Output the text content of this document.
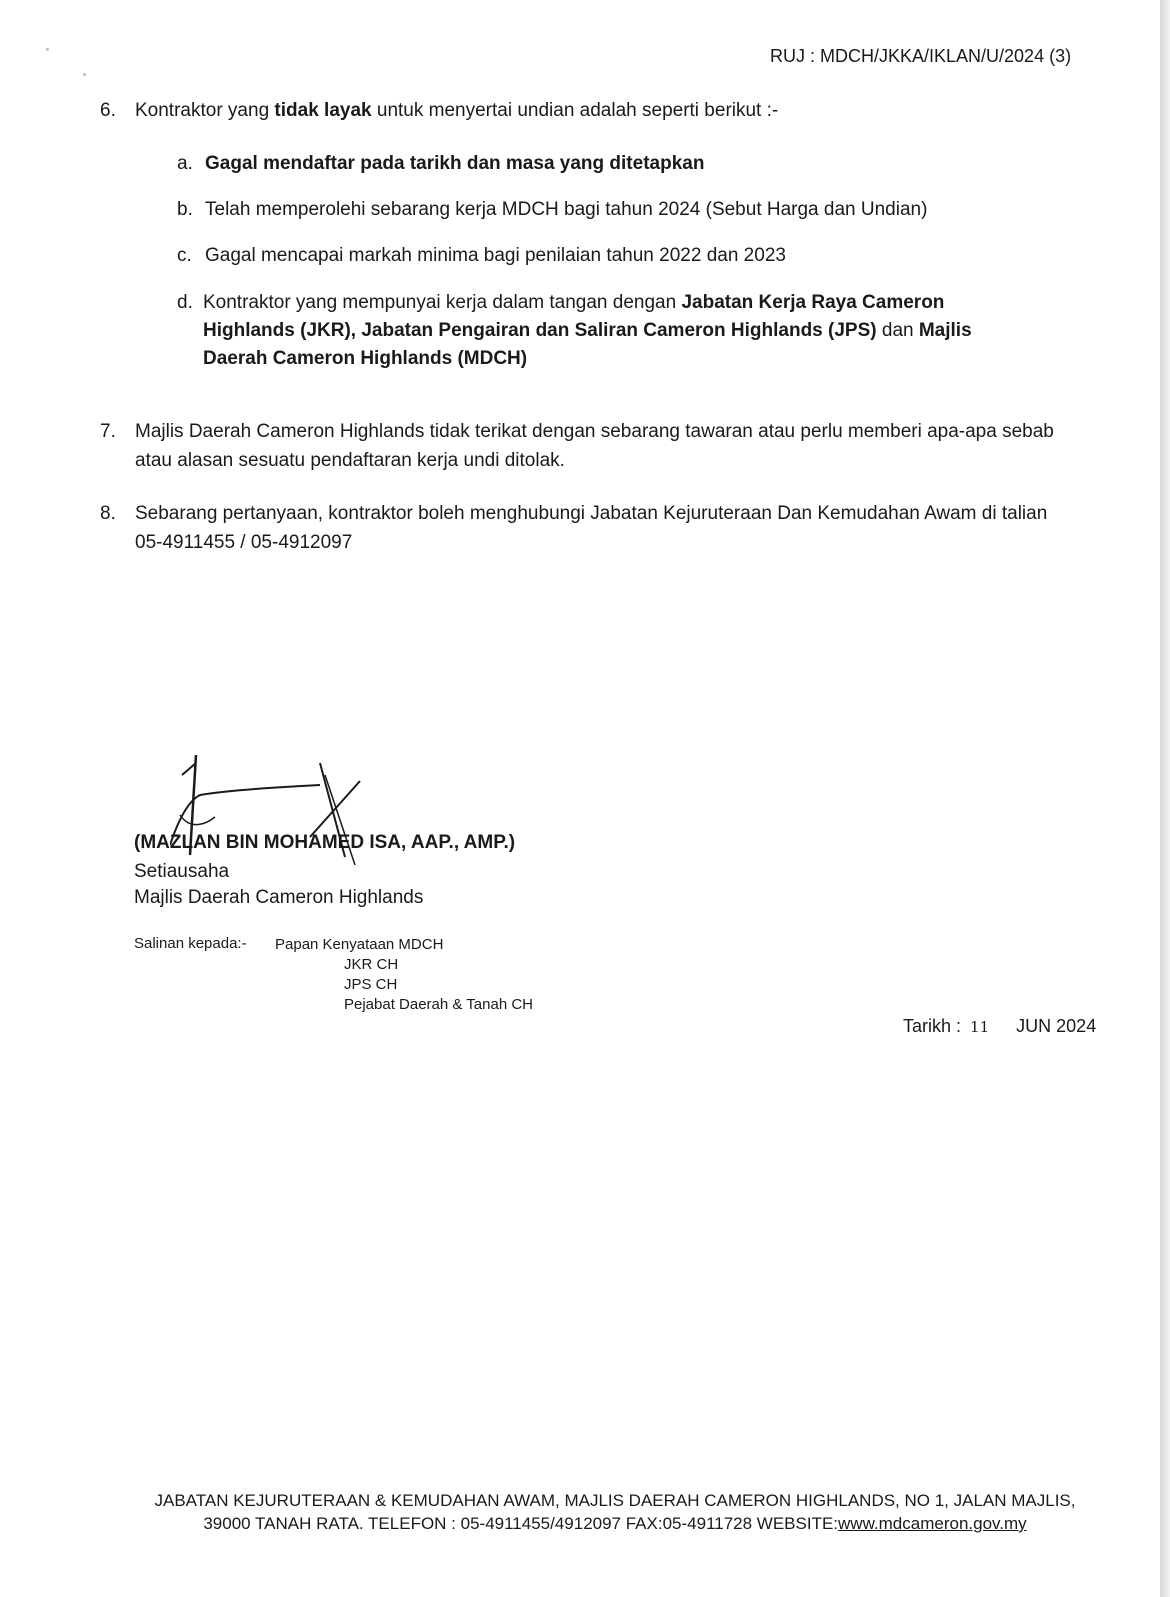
RUJ : MDCH/JKKA/IKLAN/U/2024 (3)
6.	Kontraktor yang tidak layak untuk menyertai undian adalah seperti berikut :-
a. Gagal mendaftar pada tarikh dan masa yang ditetapkan
b. Telah memperolehi sebarang kerja MDCH bagi tahun 2024 (Sebut Harga dan Undian)
c. Gagal mencapai markah minima bagi penilaian tahun 2022 dan 2023
d. Kontraktor yang mempunyai kerja dalam tangan dengan Jabatan Kerja Raya Cameron Highlands (JKR), Jabatan Pengairan dan Saliran Cameron Highlands (JPS) dan Majlis Daerah Cameron Highlands (MDCH)
7.	Majlis Daerah Cameron Highlands tidak terikat dengan sebarang tawaran atau perlu memberi apa-apa sebab atau alasan sesuatu pendaftaran kerja undi ditolak.
8.	Sebarang pertanyaan, kontraktor boleh menghubungi Jabatan Kejuruteraan Dan Kemudahan Awam di talian 05-4911455 / 05-4912097
(MAZLAN BIN MOHAMED ISA, AAP., AMP.)
Setiausaha
Majlis Daerah Cameron Highlands
Salinan kepada:- Papan Kenyataan MDCH
JKR CH
JPS CH
Pejabat Daerah & Tanah CH
Tarikh : 11 JUN 2024
JABATAN KEJURUTERAAN & KEMUDAHAN AWAM, MAJLIS DAERAH CAMERON HIGHLANDS, NO 1, JALAN MAJLIS,
39000 TANAH RATA. TELEFON : 05-4911455/4912097 FAX:05-4911728 WEBSITE:www.mdcameron.gov.my
